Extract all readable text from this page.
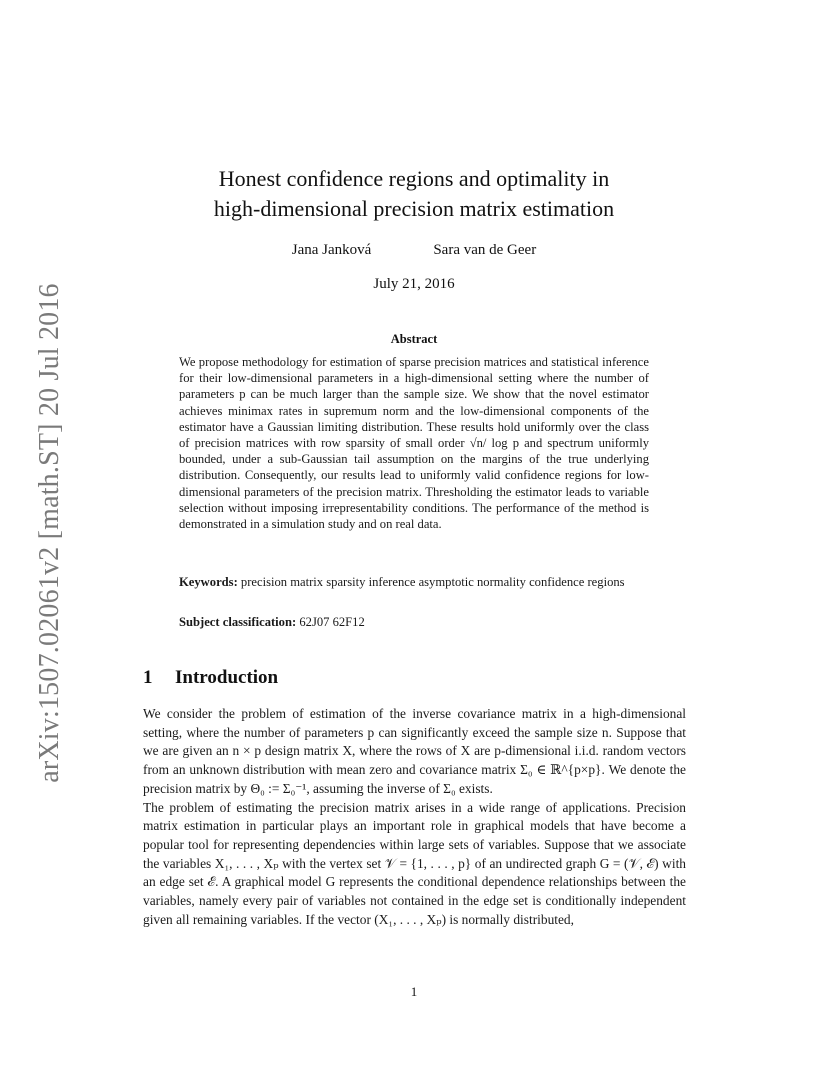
arXiv:1507.02061v2 [math.ST] 20 Jul 2016
Honest confidence regions and optimality in
high-dimensional precision matrix estimation
Jana Janková	Sara van de Geer
July 21, 2016
Abstract
We propose methodology for estimation of sparse precision matrices and statistical inference for their low-dimensional parameters in a high-dimensional setting where the number of parameters p can be much larger than the sample size. We show that the novel estimator achieves minimax rates in supremum norm and the low-dimensional components of the estimator have a Gaussian limiting distribution. These results hold uniformly over the class of precision matrices with row sparsity of small order √n/ log p and spectrum uniformly bounded, under a sub-Gaussian tail assumption on the margins of the true underlying distribution. Consequently, our results lead to uniformly valid confidence regions for low-dimensional parameters of the precision matrix. Thresholding the estimator leads to variable selection without imposing irrepresentability conditions. The performance of the method is demonstrated in a simulation study and on real data.
Keywords: precision matrix sparsity inference asymptotic normality confidence regions
Subject classification: 62J07 62F12
1 Introduction

We consider the problem of estimation of the inverse covariance matrix in a high-dimensional setting, where the number of parameters p can significantly exceed the sample size n. Suppose that we are given an n × p design matrix X, where the rows of X are p-dimensional i.i.d. random vectors from an unknown distribution with mean zero and covariance matrix Σ₀ ∈ ℝ^{p×p}. We denote the precision matrix by Θ₀ := Σ₀⁻¹, assuming the inverse of Σ₀ exists.

The problem of estimating the precision matrix arises in a wide range of applications. Precision matrix estimation in particular plays an important role in graphical models that have become a popular tool for representing dependencies within large sets of variables. Suppose that we associate the variables X₁, . . . , Xₚ with the vertex set 𝒱 = {1, . . . , p} of an undirected graph G = (𝒱, ℰ) with an edge set ℰ. A graphical model G represents the conditional dependence relationships between the variables, namely every pair of variables not contained in the edge set is conditionally independent given all remaining variables. If the vector (X₁, . . . , Xₚ) is normally distributed,

1
